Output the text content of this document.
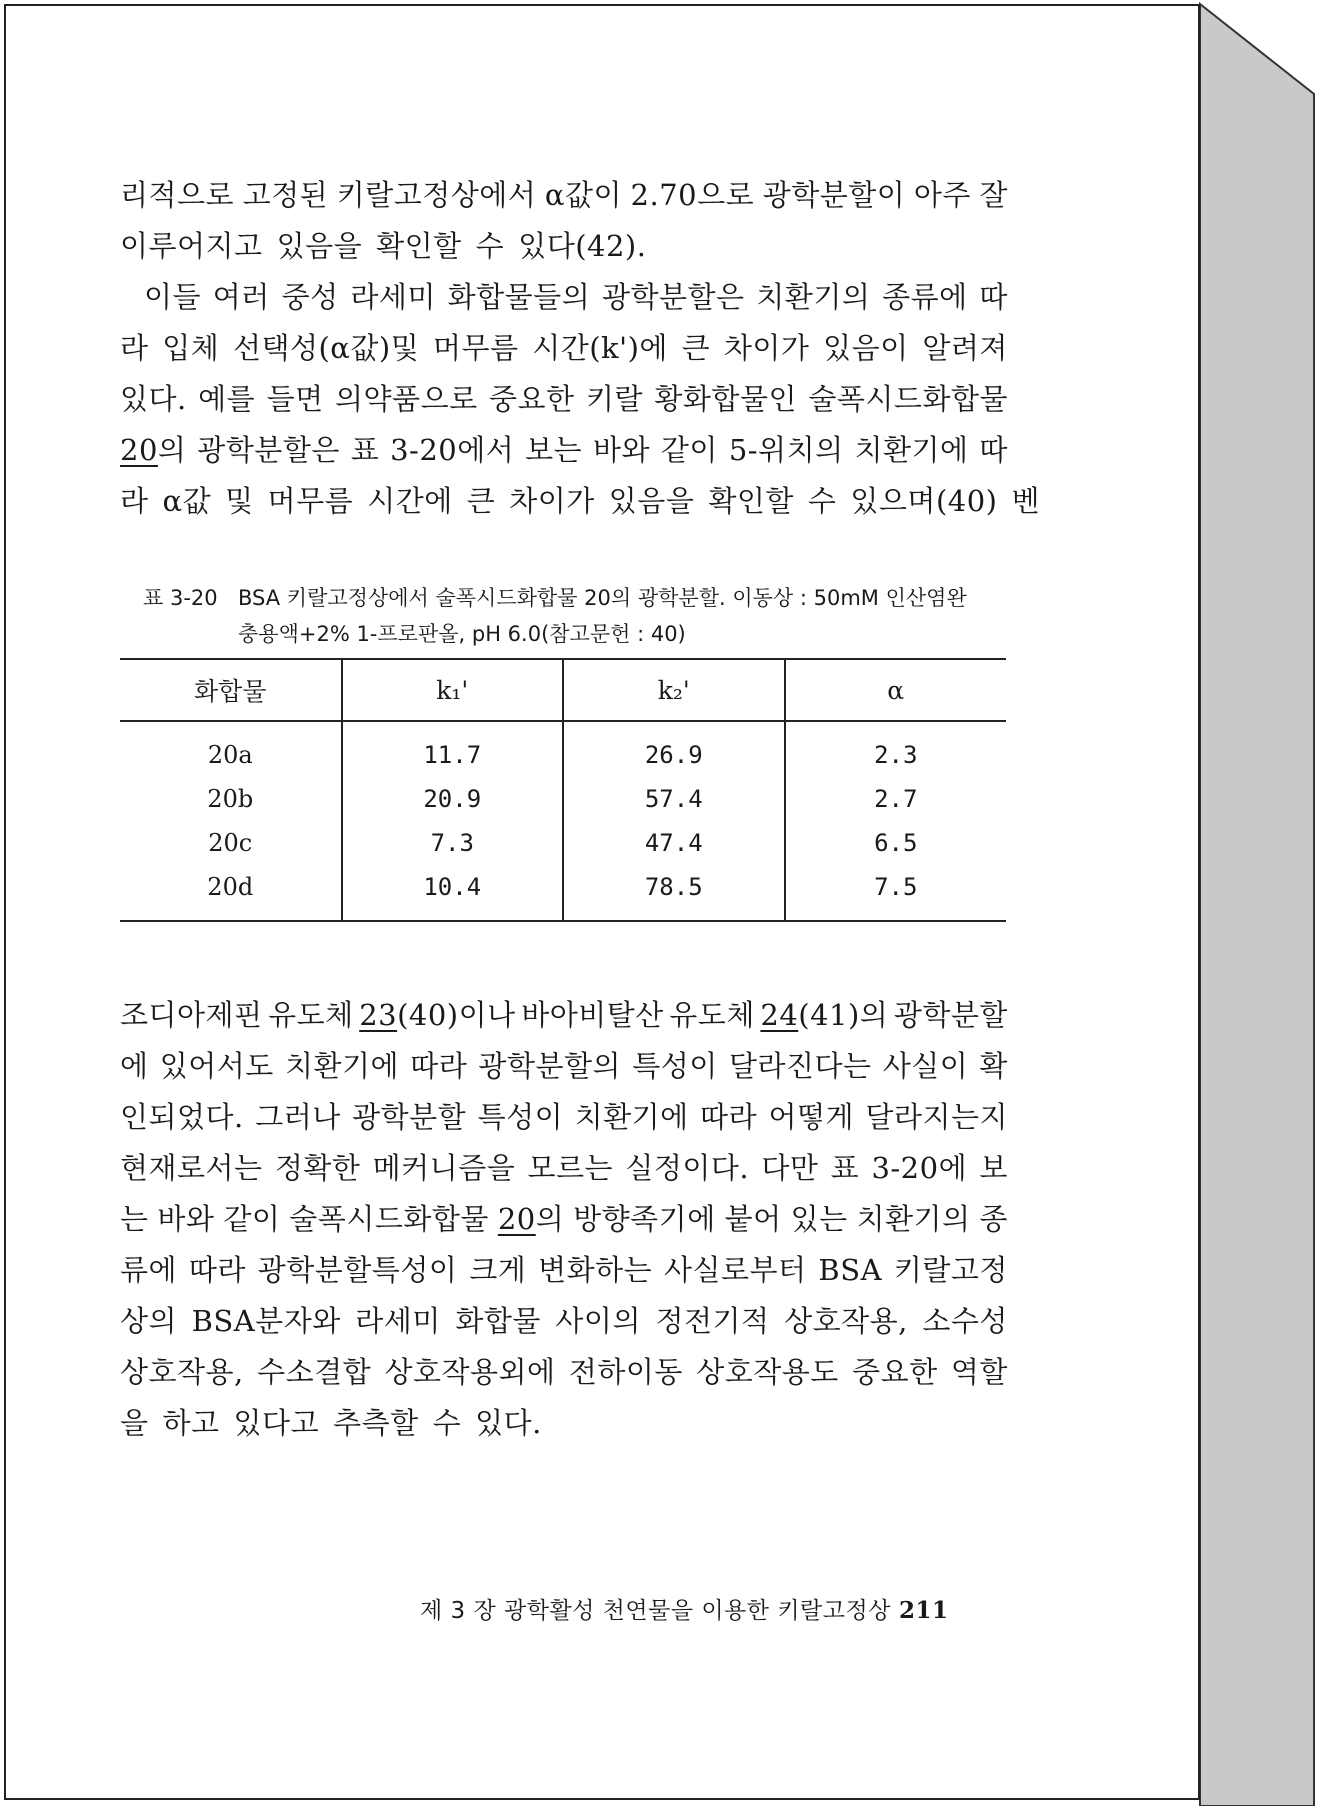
리적으로 고정된 키랄고정상에서 α값이 2.70으로 광학분할이 아주 잘
이루어지고 있음을 확인할 수 있다(42).
이들 여러 중성 라세미 화합물들의 광학분할은 치환기의 종류에 따
라 입체 선택성(α값)및 머무름 시간(k')에 큰 차이가 있음이 알려져
있다. 예를 들면 의약품으로 중요한 키랄 황화합물인 술폭시드화합물
20의 광학분할은 표 3-20에서 보는 바와 같이 5-위치의 치환기에 따
라 α값 및 머무름 시간에 큰 차이가 있음을 확인할 수 있으며(40) 벤
표 3-20 BSA 키랄고정상에서 술폭시드화합물 20의 광학분할. 이동상 : 50mM 인산염완
충용액+2% 1-프로판올, pH 6.0(참고문헌 : 40)
화합물	k₁'	k₂'	α
20a	11.7	26.9	2.3
20b	20.9	57.4	2.7
20c	7.3	47.4	6.5
20d	10.4	78.5	7.5
조디아제핀 유도체 23(40)이나 바아비탈산 유도체 24(41)의 광학분할
에 있어서도 치환기에 따라 광학분할의 특성이 달라진다는 사실이 확
인되었다. 그러나 광학분할 특성이 치환기에 따라 어떻게 달라지는지
현재로서는 정확한 메커니즘을 모르는 실정이다. 다만 표 3-20에 보
는 바와 같이 술폭시드화합물 20의 방향족기에 붙어 있는 치환기의 종
류에 따라 광학분할특성이 크게 변화하는 사실로부터 BSA 키랄고정
상의 BSA분자와 라세미 화합물 사이의 정전기적 상호작용, 소수성
상호작용, 수소결합 상호작용외에 전하이동 상호작용도 중요한 역할
을 하고 있다고 추측할 수 있다.
제 3 장 광학활성 천연물을 이용한 키랄고정상 211
